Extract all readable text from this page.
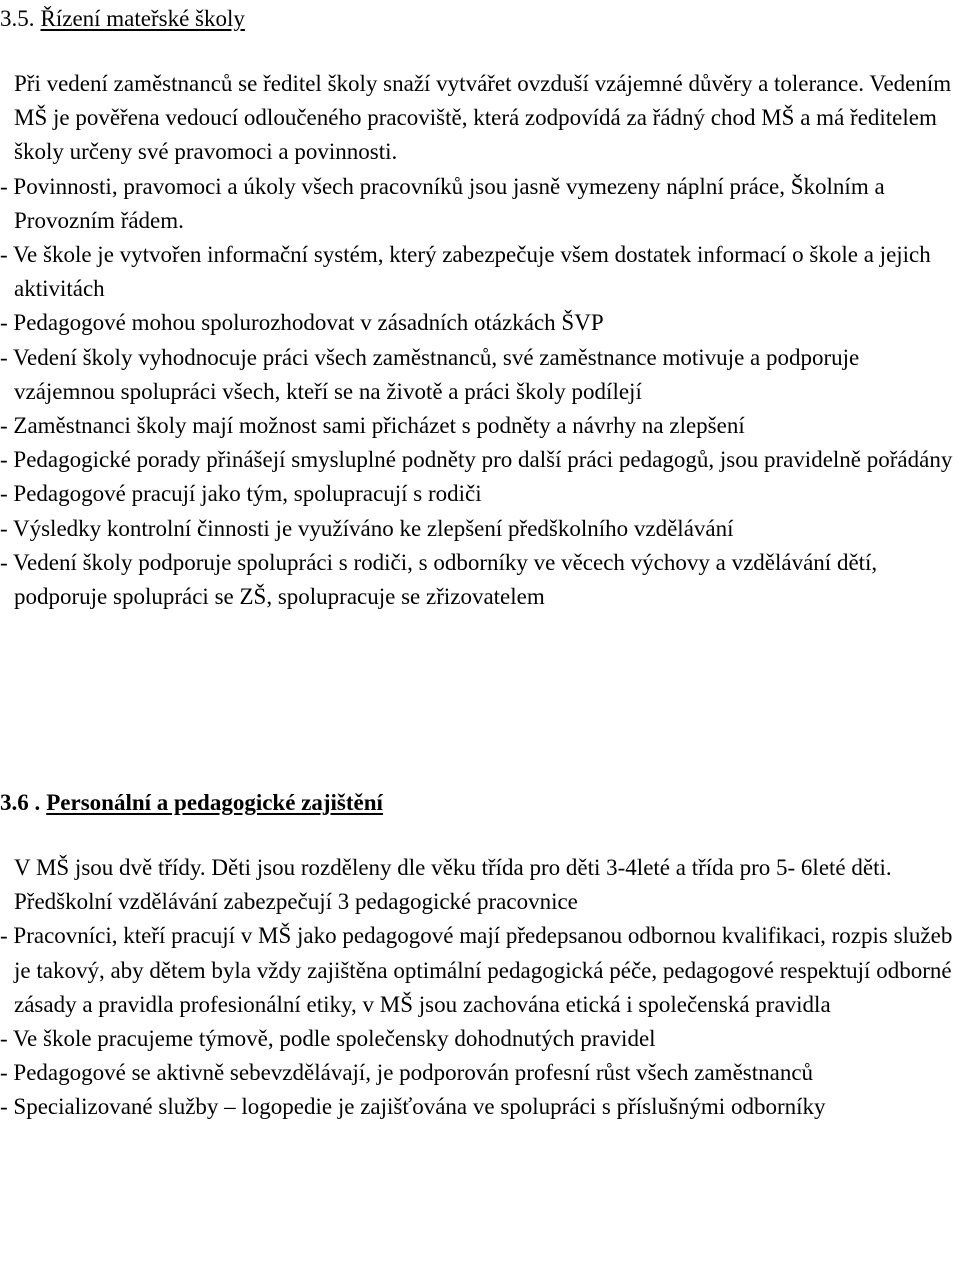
3.5. Řízení mateřské školy

Při vedení zaměstnanců se ředitel školy snaží vytvářet ovzduší vzájemné důvěry a tolerance. Vedením MŠ je pověřena vedoucí odloučeného pracoviště, která zodpovídá za řádný chod MŠ a má ředitelem školy určeny své pravomoci a povinnosti.

- Povinnosti, pravomoci a úkoly všech pracovníků jsou jasně vymezeny náplní práce, Školním a Provozním řádem.

- Ve škole je vytvořen informační systém, který zabezpečuje všem dostatek informací o škole a jejich aktivitách

- Pedagogové mohou spolurozhodovat v zásadních otázkách ŠVP

- Vedení školy vyhodnocuje práci všech zaměstnanců, své zaměstnance motivuje a podporuje vzájemnou spolupráci všech, kteří se na životě a práci školy podílejí

- Zaměstnanci školy mají možnost sami přicházet s podněty a návrhy na zlepšení

- Pedagogické porady přinášejí smysluplné podněty pro další práci pedagogů, jsou pravidelně pořádány

- Pedagogové pracují jako tým, spolupracují s rodiči

- Výsledky kontrolní činnosti je využíváno ke zlepšení předškolního vzdělávání

- Vedení školy podporuje spolupráci s rodiči, s odborníky ve věcech výchovy a vzdělávání dětí, podporuje spolupráci se ZŠ, spolupracuje se zřizovatelem

3.6 . Personální a pedagogické zajištění

V MŠ jsou dvě třídy. Děti jsou rozděleny dle věku třída pro děti 3-4leté a třída pro 5- 6leté děti. Předškolní vzdělávání zabezpečují 3 pedagogické pracovnice

- Pracovníci, kteří pracují v MŠ jako pedagogové mají předepsanou odbornou kvalifikaci, rozpis služeb je takový, aby dětem byla vždy zajištěna optimální pedagogická péče, pedagogové respektují odborné zásady a pravidla profesionální etiky, v MŠ jsou zachována etická i společenská pravidla

- Ve škole pracujeme týmově, podle společensky dohodnutých pravidel

- Pedagogové se aktivně sebevzdělávají, je podporován profesní růst všech zaměstnanců

- Specializované služby – logopedie je zajišťována ve spolupráci s příslušnými odborníky
